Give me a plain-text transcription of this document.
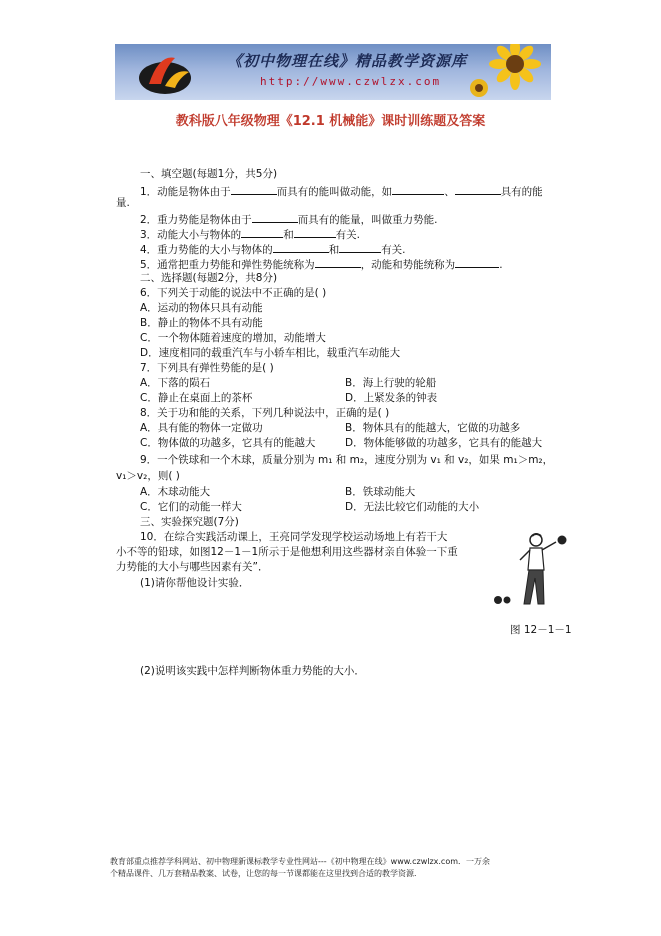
《初中物理在线》精品教学资源库
http://www.czwlzx.com
教科版八年级物理《12.1 机械能》课时训练题及答案
一、填空题(每题1分，共5分)
1．动能是物体由于	而具有的能叫做动能，如	、	具有的能
量.
2．重力势能是物体由于	而具有的能量，叫做重力势能.
3．动能大小与物体的	和	有关.
4．重力势能的大小与物体的	和	有关.
5．通常把重力势能和弹性势能统称为	，动能和势能统称为	.
二、选择题(每题2分，共8分)
6．下列关于动能的说法中不正确的是( )
A．运动的物体只具有动能
B．静止的物体不具有动能
C．一个物体随着速度的增加，动能增大
D．速度相同的载重汽车与小轿车相比，载重汽车动能大
7．下列具有弹性势能的是( )
A．下落的陨石	B．海上行驶的轮船
C．静止在桌面上的茶杯	D．上紧发条的钟表
8．关于功和能的关系，下列几种说法中，正确的是( )
A．具有能的物体一定做功	B．物体具有的能越大，它做的功越多
C．物体做的功越多，它具有的能越大	D．物体能够做的功越多，它具有的能越大
9．一个铁球和一个木球，质量分别为 m₁ 和 m₂，速度分别为 v₁ 和 v₂，如果 m₁＞m₂，
v₁＞v₂，则( )
A．木球动能大	B．铁球动能大
C．它们的动能一样大	D．无法比较它们动能的大小
三、实验探究题(7分)
10．在综合实践活动课上，王亮同学发现学校运动场地上有若干大
小不等的铅球，如图12－1－1所示于是他想利用这些器材亲自体验一下重
力势能的大小与哪些因素有关”．
(1)请你帮他设计实验．
图 12－1－1
(2)说明该实践中怎样判断物体重力势能的大小．
教育部重点推荐学科网站、初中物理新课标教学专业性网站---《初中物理在线》www.czwlzx.com．一万余
个精品课件、几万套精品教案、试卷，让您的每一节课都能在这里找到合适的教学资源．
